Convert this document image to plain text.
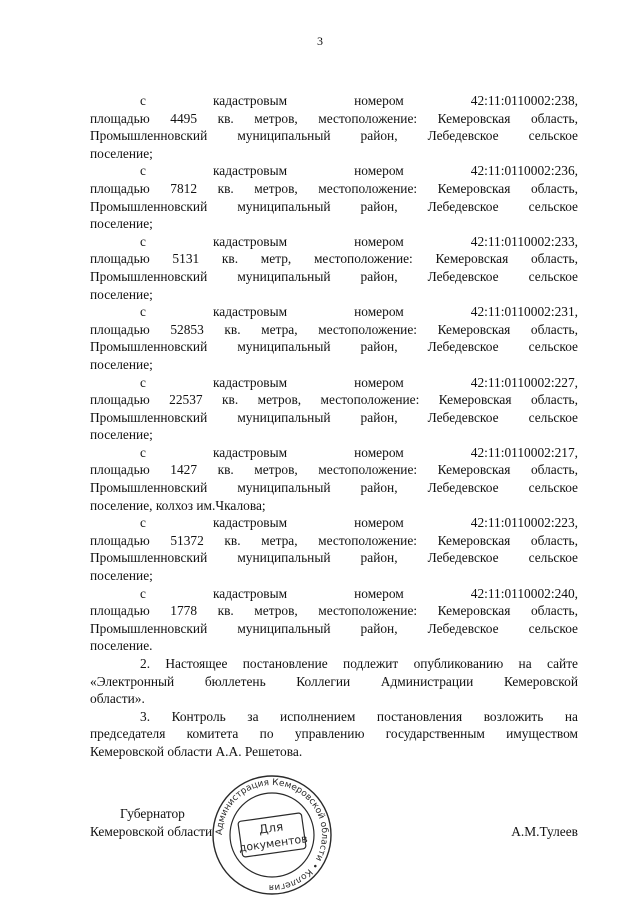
3
с кадастровым номером 42:11:0110002:238,
площадью 4495 кв. метров, местоположение: Кемеровская область,
Промышленновский муниципальный район, Лебедевское сельское
поселение;
с кадастровым номером 42:11:0110002:236,
площадью 7812 кв. метров, местоположение: Кемеровская область,
Промышленновский муниципальный район, Лебедевское сельское
поселение;
с кадастровым номером 42:11:0110002:233,
площадью 5131 кв. метр, местоположение: Кемеровская область,
Промышленновский муниципальный район, Лебедевское сельское
поселение;
с кадастровым номером 42:11:0110002:231,
площадью 52853 кв. метра, местоположение: Кемеровская область,
Промышленновский муниципальный район, Лебедевское сельское
поселение;
с кадастровым номером 42:11:0110002:227,
площадью 22537 кв. метров, местоположение: Кемеровская область,
Промышленновский муниципальный район, Лебедевское сельское
поселение;
с кадастровым номером 42:11:0110002:217,
площадью 1427 кв. метров, местоположение: Кемеровская область,
Промышленновский муниципальный район, Лебедевское сельское
поселение, колхоз им.Чкалова;
с кадастровым номером 42:11:0110002:223,
площадью 51372 кв. метра, местоположение: Кемеровская область,
Промышленновский муниципальный район, Лебедевское сельское
поселение;
с кадастровым номером 42:11:0110002:240,
площадью 1778 кв. метров, местоположение: Кемеровская область,
Промышленновский муниципальный район, Лебедевское сельское
поселение.
2. Настоящее постановление подлежит опубликованию на сайте
«Электронный бюллетень Коллегии Администрации Кемеровской
области».
3. Контроль за исполнением постановления возложить на
председателя комитета по управлению государственным имуществом
Кемеровской области А.А. Решетова.
Губернатор
Кемеровской области	А.М.Тулеев
Администрация Кемеровской области • Коллегия
Для
документов
